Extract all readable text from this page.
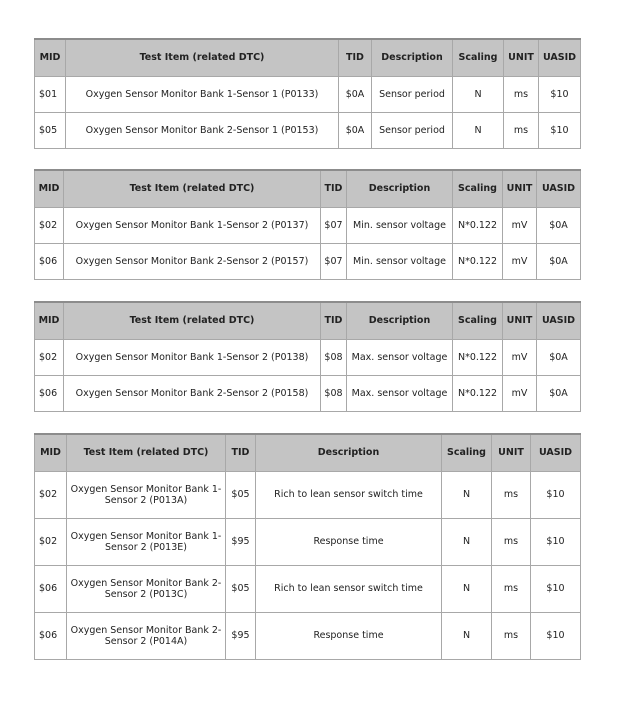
MID	Test Item (related DTC)	TID	Description	Scaling	UNIT	UASID
$01	Oxygen Sensor Monitor Bank 1-Sensor 1 (P0133)	$0A	Sensor period	N	ms	$10
$05	Oxygen Sensor Monitor Bank 2-Sensor 1 (P0153)	$0A	Sensor period	N	ms	$10
MID	Test Item (related DTC)	TID	Description	Scaling	UNIT	UASID
$02	Oxygen Sensor Monitor Bank 1-Sensor 2 (P0137)	$07	Min. sensor voltage	N*0.122	mV	$0A
$06	Oxygen Sensor Monitor Bank 2-Sensor 2 (P0157)	$07	Min. sensor voltage	N*0.122	mV	$0A
MID	Test Item (related DTC)	TID	Description	Scaling	UNIT	UASID
$02	Oxygen Sensor Monitor Bank 1-Sensor 2 (P0138)	$08	Max. sensor voltage	N*0.122	mV	$0A
$06	Oxygen Sensor Monitor Bank 2-Sensor 2 (P0158)	$08	Max. sensor voltage	N*0.122	mV	$0A
MID	Test Item (related DTC)	TID	Description	Scaling	UNIT	UASID
$02	Oxygen Sensor Monitor Bank 1-Sensor 2 (P013A)	$05	Rich to lean sensor switch time	N	ms	$10
$02	Oxygen Sensor Monitor Bank 1-Sensor 2 (P013E)	$95	Response time	N	ms	$10
$06	Oxygen Sensor Monitor Bank 2-Sensor 2 (P013C)	$05	Rich to lean sensor switch time	N	ms	$10
$06	Oxygen Sensor Monitor Bank 2-Sensor 2 (P014A)	$95	Response time	N	ms	$10
